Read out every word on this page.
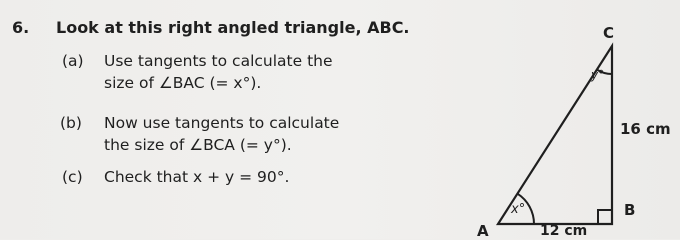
6. Look at this right angled triangle, ABC.
(a) Use tangents to calculate the
size of ∠BAC (= x°).
(b) Now use tangents to calculate
the size of ∠BCA (= y°).
(c) Check that x + y = 90°.
C
A
B
16 cm
12 cm
x°
y°
